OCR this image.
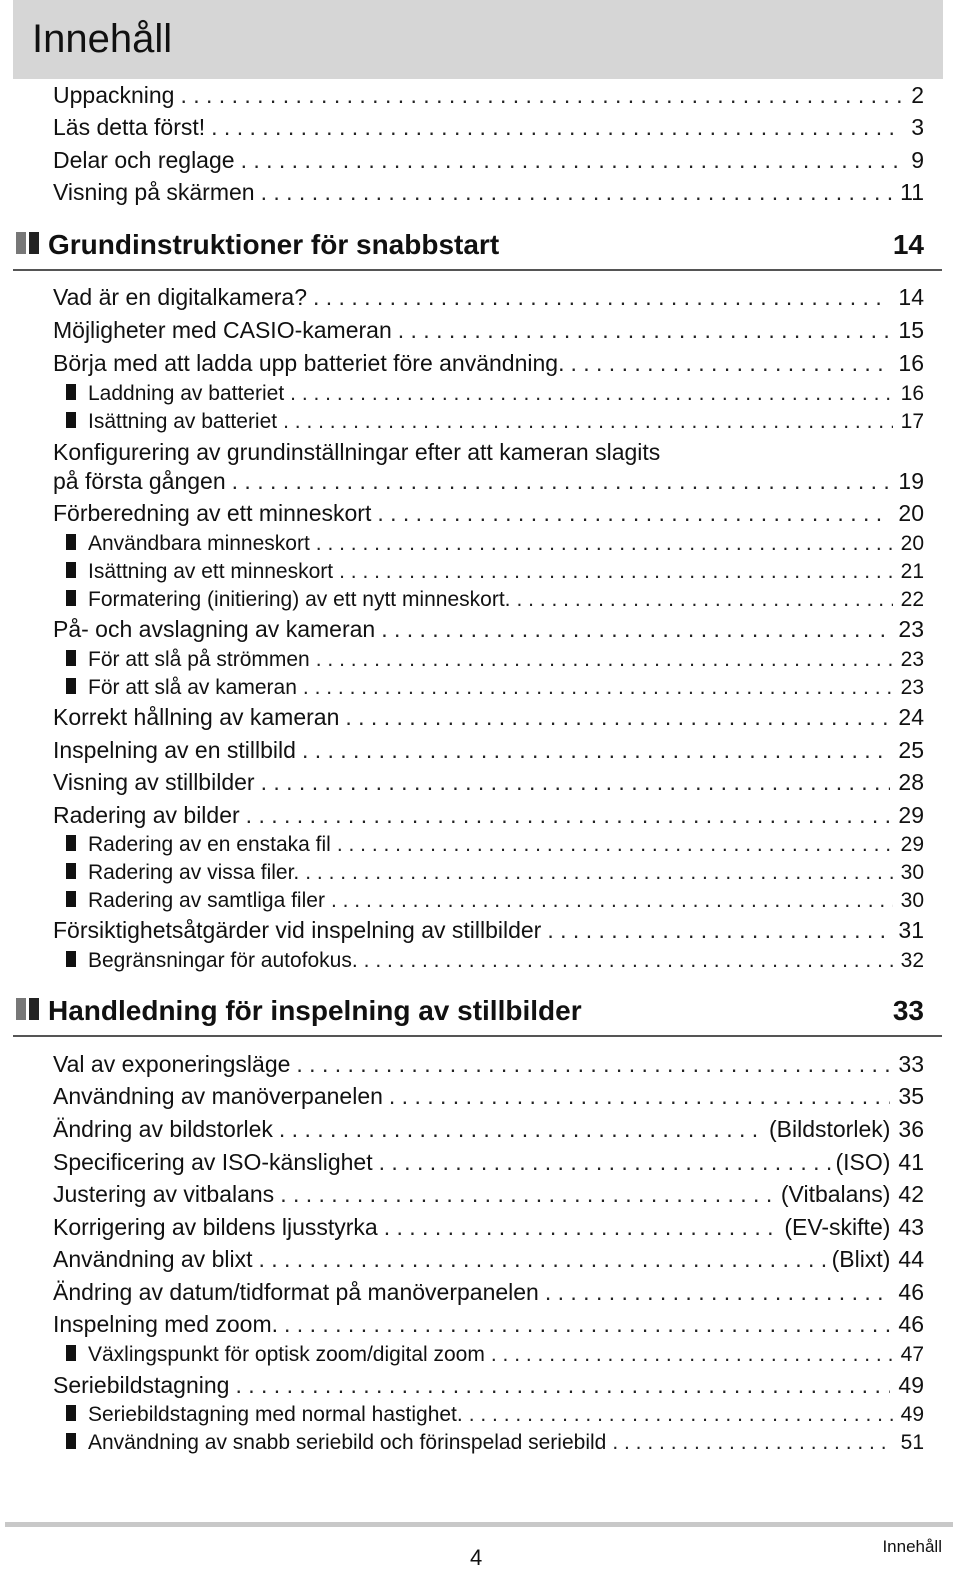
Innehåll
Uppackning . . .	2
Läs detta först! . . .	3
Delar och reglage . . .	9
Visning på skärmen . . .	11
Grundinstruktioner för snabbstart	14
Vad är en digitalkamera? . . .	14
Möjligheter med CASIO-kameran . . .	15
Börja med att ladda upp batteriet före användning. . . .	16
Laddning av batteriet . . .	16
Isättning av batteriet . . .	17
Konfigurering av grundinställningar efter att kameran slagits
på första gången . . .	19
Förberedning av ett minneskort . . .	20
Användbara minneskort . . .	20
Isättning av ett minneskort . . .	21
Formatering (initiering) av ett nytt minneskort. . . .	22
På- och avslagning av kameran . . .	23
För att slå på strömmen . . .	23
För att slå av kameran . . .	23
Korrekt hållning av kameran . . .	24
Inspelning av en stillbild . . .	25
Visning av stillbilder . . .	28
Radering av bilder . . .	29
Radering av en enstaka fil . . .	29
Radering av vissa filer. . . .	30
Radering av samtliga filer . . .	30
Försiktighetsåtgärder vid inspelning av stillbilder . . .	31
Begränsningar för autofokus. . . .	32
Handledning för inspelning av stillbilder	33
Val av exponeringsläge . . .	33
Användning av manöverpanelen . . .	35
Ändring av bildstorlek . . .	(Bildstorlek) 36
Specificering av ISO-känslighet . . .	(ISO) 41
Justering av vitbalans . . .	(Vitbalans) 42
Korrigering av bildens ljusstyrka . . .	(EV-skifte) 43
Användning av blixt . . .	(Blixt) 44
Ändring av datum/tidformat på manöverpanelen . . .	46
Inspelning med zoom. . . .	46
Växlingspunkt för optisk zoom/digital zoom . . .	47
Seriebildstagning . . .	49
Seriebildstagning med normal hastighet. . . .	49
Användning av snabb seriebild och förinspelad seriebild . . .	51
4	Innehåll
